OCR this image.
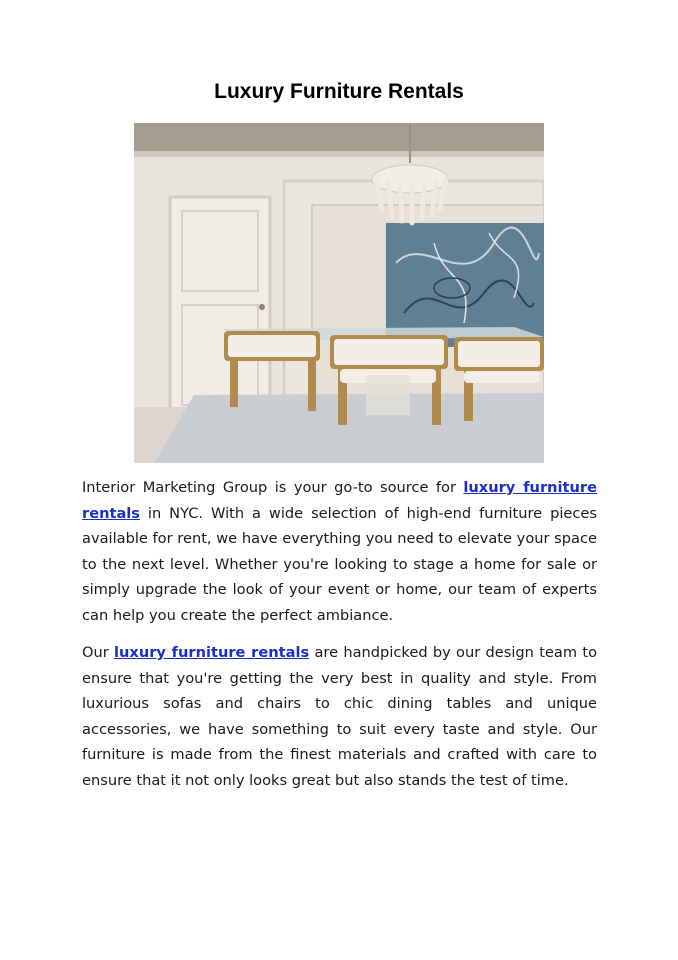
Luxury Furniture Rentals

Interior Marketing Group is your go-to source for luxury furniture rentals in NYC. With a wide selection of high-end furniture pieces available for rent, we have everything you need to elevate your space to the next level. Whether you're looking to stage a home for sale or simply upgrade the look of your event or home, our team of experts can help you create the perfect ambiance.

Our luxury furniture rentals are handpicked by our design team to ensure that you're getting the very best in quality and style. From luxurious sofas and chairs to chic dining tables and unique accessories, we have something to suit every taste and style. Our furniture is made from the finest materials and crafted with care to ensure that it not only looks great but also stands the test of time.
